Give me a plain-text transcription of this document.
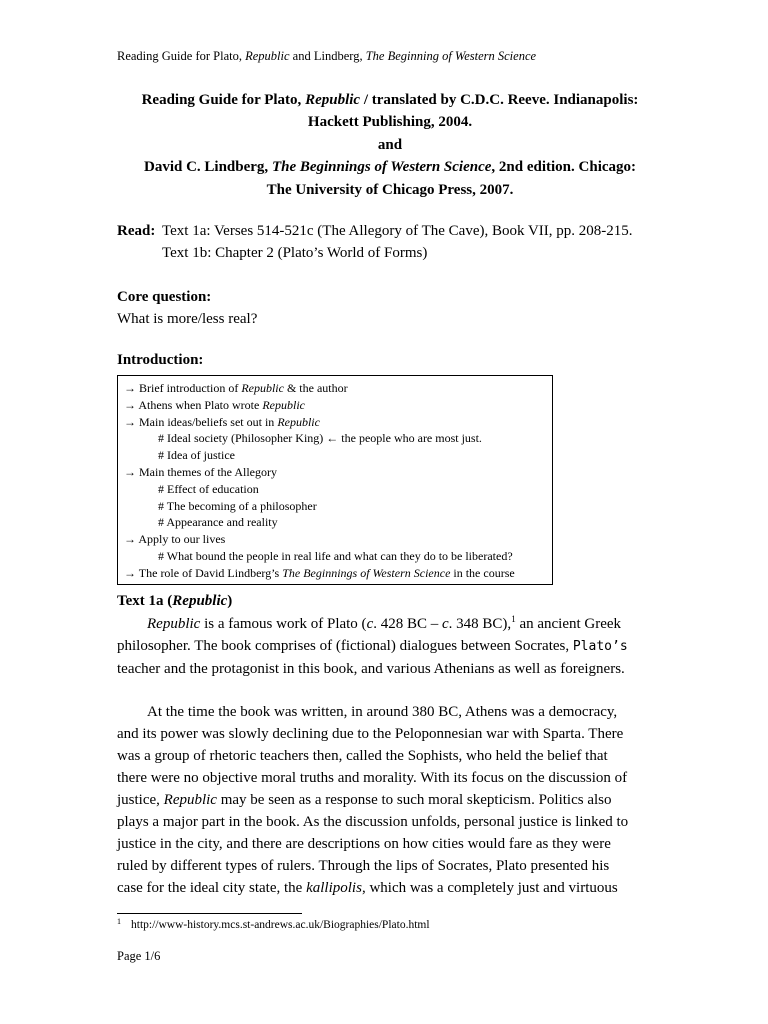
Reading Guide for Plato, Republic and Lindberg, The Beginning of Western Science
Reading Guide for Plato, Republic / translated by C.D.C. Reeve. Indianapolis:
Hackett Publishing, 2004.
and
David C. Lindberg, The Beginnings of Western Science, 2nd edition. Chicago:
The University of Chicago Press, 2007.
Read: Text 1a: Verses 514-521c (The Allegory of The Cave), Book VII, pp. 208-215.
Text 1b: Chapter 2 (Plato’s World of Forms)
Core question:
What is more/less real?
Introduction:
→ Brief introduction of Republic & the author
→ Athens when Plato wrote Republic
→ Main ideas/beliefs set out in Republic
# Ideal society (Philosopher King) ← the people who are most just.
# Idea of justice
→ Main themes of the Allegory
# Effect of education
# The becoming of a philosopher
# Appearance and reality
→ Apply to our lives
# What bound the people in real life and what can they do to be liberated?
→ The role of David Lindberg’s The Beginnings of Western Science in the course
Text 1a (Republic)
Republic is a famous work of Plato (c. 428 BC – c. 348 BC),$^1$ an ancient Greek
philosopher. The book comprises of (fictional) dialogues between Socrates, Plato’s
teacher and the protagonist in this book, and various Athenians as well as foreigners.
At the time the book was written, in around 380 BC, Athens was a democracy,
and its power was slowly declining due to the Peloponnesian war with Sparta. There
was a group of rhetoric teachers then, called the Sophists, who held the belief that
there were no objective moral truths and morality. With its focus on the discussion of
justice, Republic may be seen as a response to such moral skepticism. Politics also
plays a major part in the book. As the discussion unfolds, personal justice is linked to
justice in the city, and there are descriptions on how cities would fare as they were
ruled by different types of rulers. Through the lips of Socrates, Plato presented his
case for the ideal city state, the kallipolis, which was a completely just and virtuous
$^1$ http://www-history.mcs.st-andrews.ac.uk/Biographies/Plato.html
Page 1/6
